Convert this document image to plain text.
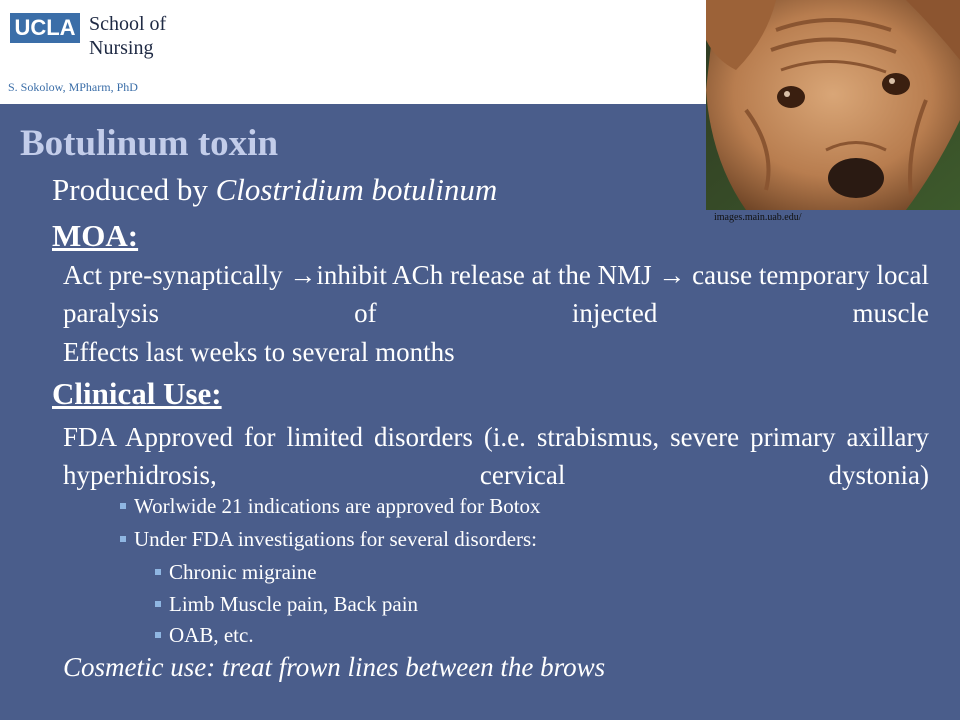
UCLA School of
Nursing
S. Sokolow, MPharm, PhD
images.main.uab.edu/
Botulinum toxin
Produced by Clostridium botulinum
MOA:
Act pre-synaptically →inhibit ACh release at the NMJ → cause temporary local paralysis of injected muscle
Effects last weeks to several months
Clinical Use:
FDA Approved for limited disorders (i.e. strabismus, severe primary axillary hyperhidrosis, cervical dystonia)
Worlwide 21 indications are approved for Botox
Under FDA investigations for several disorders:
Chronic migraine
Limb Muscle pain, Back pain
OAB, etc.
Cosmetic use: treat frown lines between the brows
